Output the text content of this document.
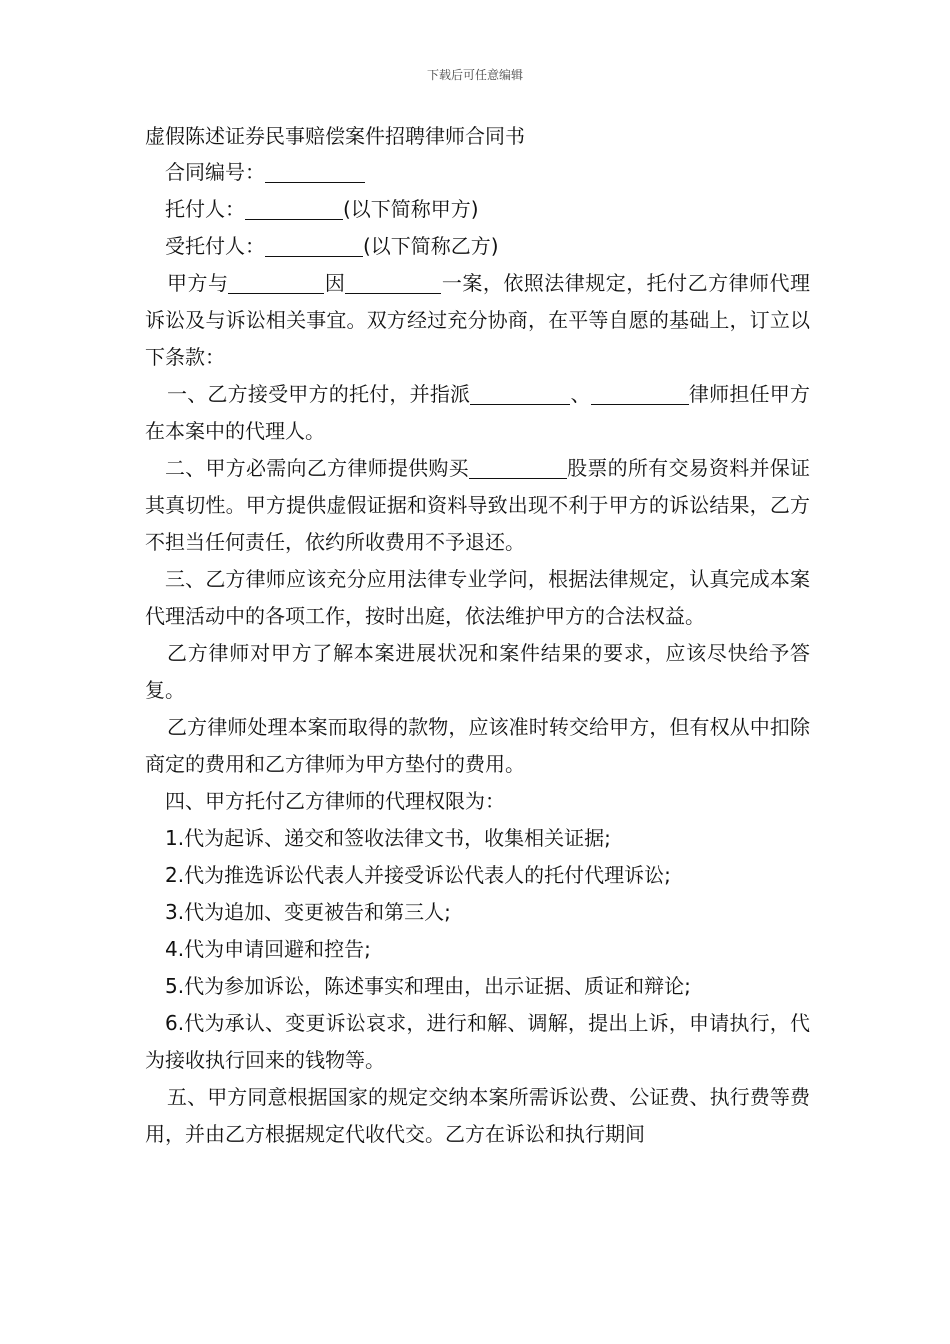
下载后可任意编辑
虚假陈述证券民事赔偿案件招聘律师合同书
合同编号：
托付人：	(以下简称甲方)
受托付人：	(以下简称乙方)
甲方与	因	一案，依照法律规定，托付乙方律师代理诉讼及与诉讼相关事宜。双方经过充分协商，在平等自愿的基础上，订立以下条款：
一、乙方接受甲方的托付，并指派	、	律师担任甲方在本案中的代理人。
二、甲方必需向乙方律师提供购买	股票的所有交易资料并保证其真切性。甲方提供虚假证据和资料导致出现不利于甲方的诉讼结果，乙方不担当任何责任，依约所收费用不予退还。
三、乙方律师应该充分应用法律专业学问，根据法律规定，认真完成本案代理活动中的各项工作，按时出庭，依法维护甲方的合法权益。
乙方律师对甲方了解本案进展状况和案件结果的要求，应该尽快给予答复。
乙方律师处理本案而取得的款物，应该准时转交给甲方，但有权从中扣除商定的费用和乙方律师为甲方垫付的费用。
四、甲方托付乙方律师的代理权限为：
1.代为起诉、递交和签收法律文书，收集相关证据;
2.代为推选诉讼代表人并接受诉讼代表人的托付代理诉讼;
3.代为追加、变更被告和第三人;
4.代为申请回避和控告;
5.代为参加诉讼，陈述事实和理由，出示证据、质证和辩论;
6.代为承认、变更诉讼哀求，进行和解、调解，提出上诉，申请执行，代为接收执行回来的钱物等。
五、甲方同意根据国家的规定交纳本案所需诉讼费、公证费、执行费等费用，并由乙方根据规定代收代交。乙方在诉讼和执行期间
